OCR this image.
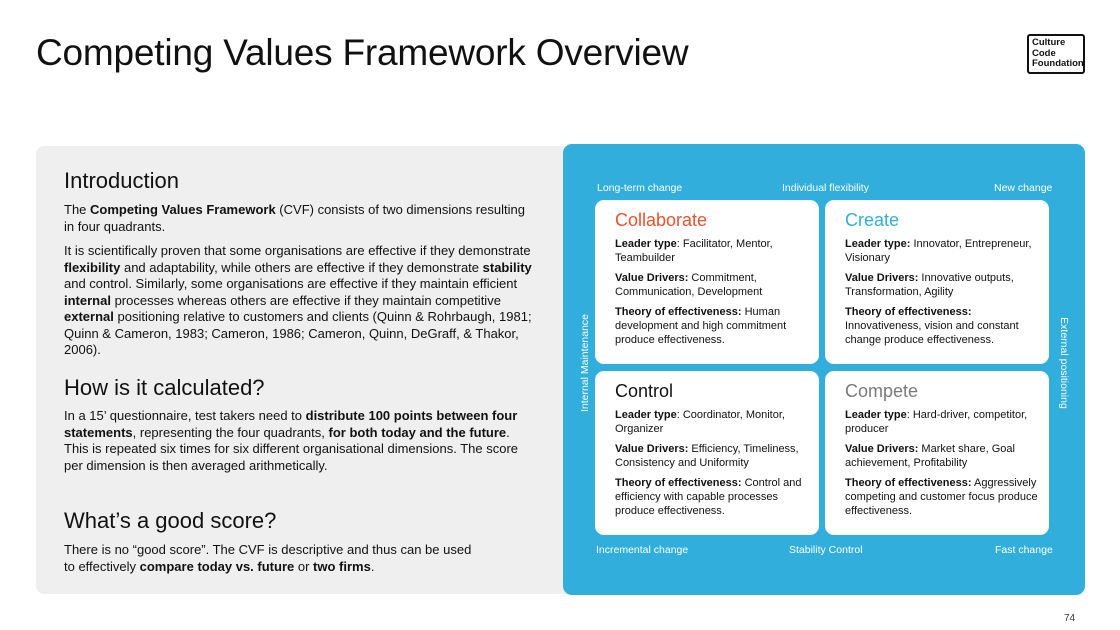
Competing Values Framework Overview	Culture
Code
Foundation
Introduction

The Competing Values Framework (CVF) consists of two dimensions resulting in four quadrants.

It is scientifically proven that some organisations are effective if they demonstrate flexibility and adaptability, while others are effective if they demonstrate stability and control. Similarly, some organisations are effective if they maintain efficient internal processes whereas others are effective if they maintain competitive external positioning relative to customers and clients (Quinn & Rohrbaugh, 1981; Quinn & Cameron, 1983; Cameron, 1986; Cameron, Quinn, DeGraff, & Thakor, 2006).

How is it calculated?

In a 15’ questionnaire, test takers need to distribute 100 points between four statements, representing the four quadrants, for both today and the future.

This is repeated six times for six different organisational dimensions. The score per dimension is then averaged arithmetically.

What’s a good score?

There is no “good score”. The CVF is descriptive and thus can be used to effectively compare today vs. future or two firms.

Long-term change	Individual flexibility	New change
Incremental change	Stability Control	Fast change
Internal Maintenance	External positioning
Collaborate
Leader type: Facilitator, Mentor, Teambuilder
Value Drivers: Commitment, Communication, Development
Theory of effectiveness: Human development and high commitment produce effectiveness.
Create
Leader type: Innovator, Entrepreneur, Visionary
Value Drivers: Innovative outputs, Transformation, Agility
Theory of effectiveness: Innovativeness, vision and constant change produce effectiveness.
Control
Leader type: Coordinator, Monitor, Organizer
Value Drivers: Efficiency, Timeliness, Consistency and Uniformity
Theory of effectiveness: Control and efficiency with capable processes produce effectiveness.
Compete
Leader type: Hard-driver, competitor, producer
Value Drivers: Market share, Goal achievement, Profitability
Theory of effectiveness: Aggressively competing and customer focus produce effectiveness.
74
